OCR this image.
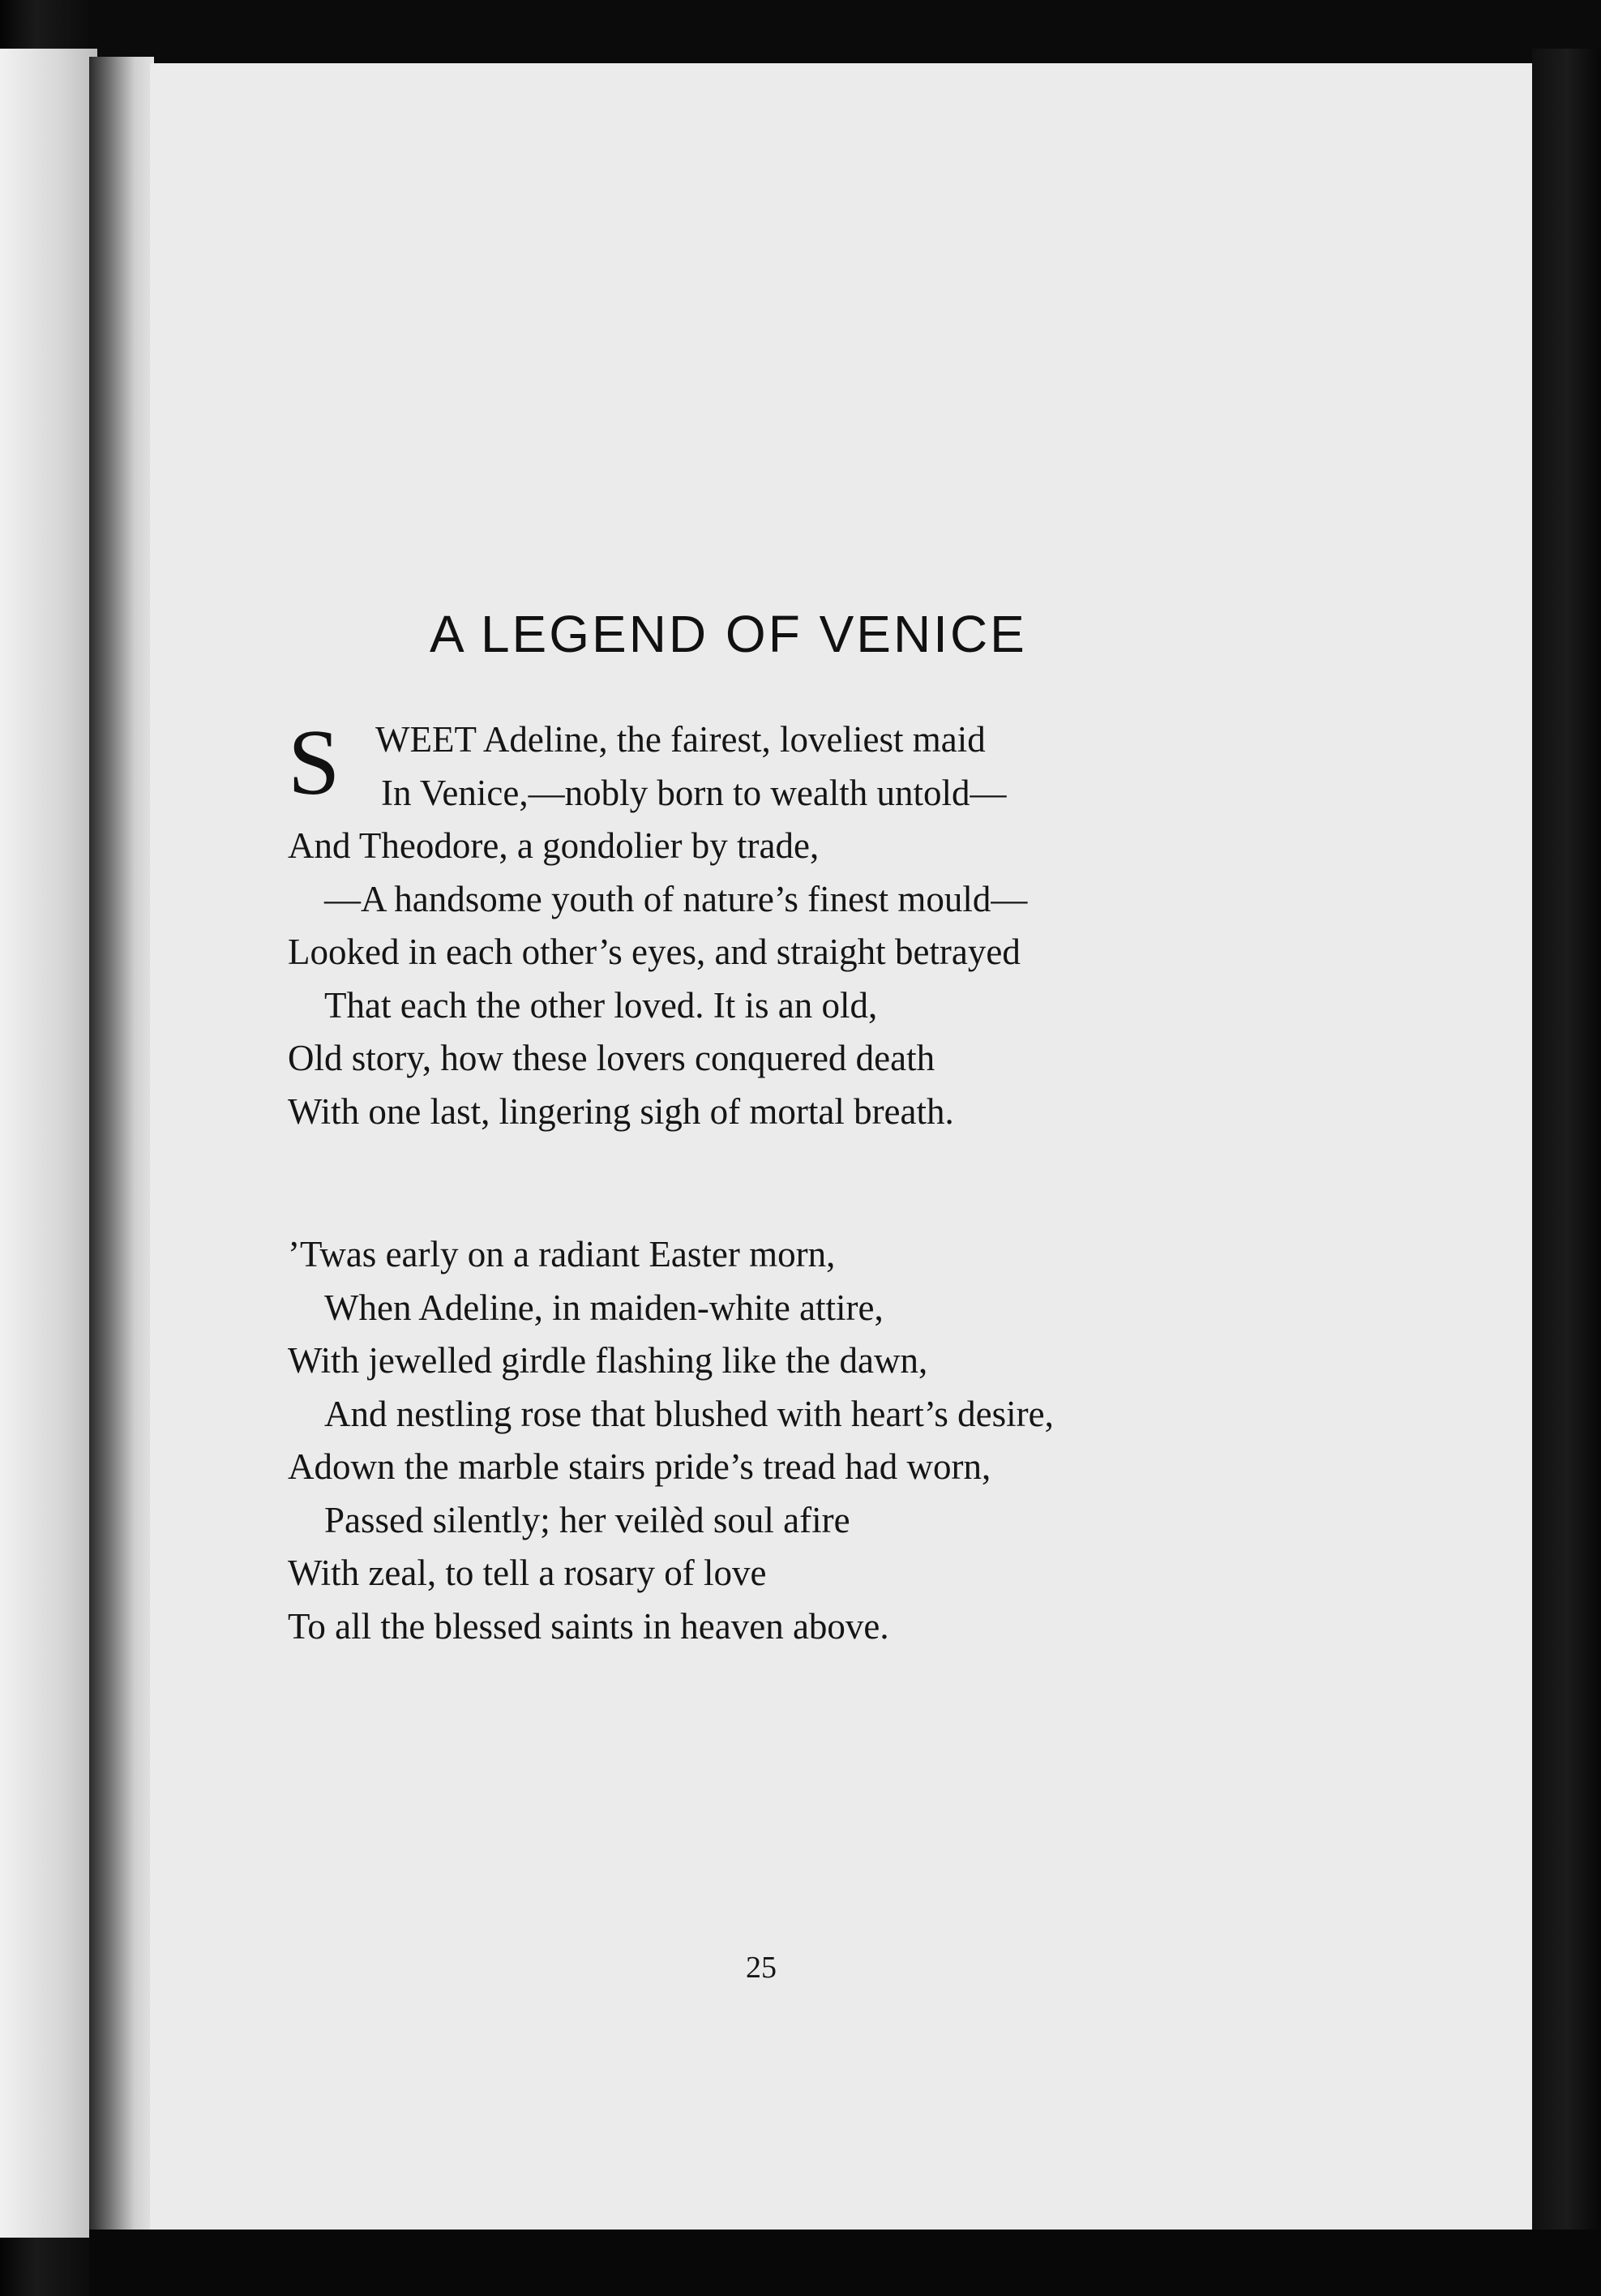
A LEGEND OF VENICE
S WEET Adeline, the fairest, loveliest maid
In Venice,—nobly born to wealth untold—
And Theodore, a gondolier by trade,
—A handsome youth of nature’s finest mould—
Looked in each other’s eyes, and straight betrayed
That each the other loved. It is an old,
Old story, how these lovers conquered death
With one last, lingering sigh of mortal breath.
’Twas early on a radiant Easter morn,
When Adeline, in maiden-white attire,
With jewelled girdle flashing like the dawn,
And nestling rose that blushed with heart’s desire,
Adown the marble stairs pride’s tread had worn,
Passed silently; her veilèd soul afire
With zeal, to tell a rosary of love
To all the blessed saints in heaven above.
25
